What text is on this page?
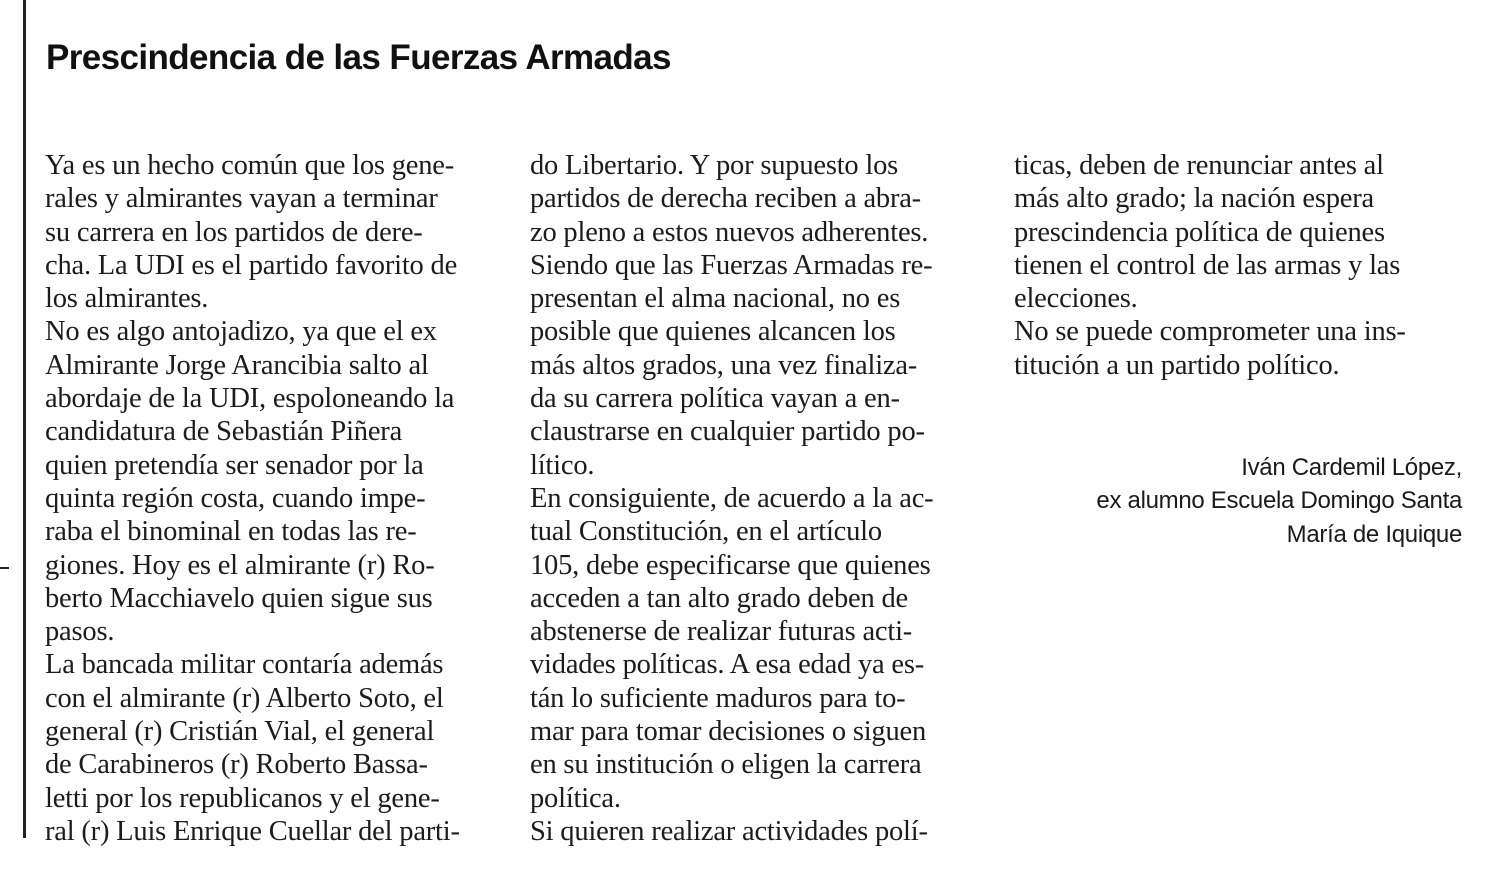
Prescindencia de las Fuerzas Armadas
Ya es un hecho común que los gene-
rales y almirantes vayan a terminar
su carrera en los partidos de dere-
cha. La UDI es el partido favorito de
los almirantes.
No es algo antojadizo, ya que el ex
Almirante Jorge Arancibia salto al
abordaje de la UDI, espoloneando la
candidatura de Sebastián Piñera
quien pretendía ser senador por la
quinta región costa, cuando impe-
raba el binominal en todas las re-
giones. Hoy es el almirante (r) Ro-
berto Macchiavelo quien sigue sus
pasos.
La bancada militar contaría además
con el almirante (r) Alberto Soto, el
general (r) Cristián Vial, el general
de Carabineros (r) Roberto Bassa-
letti por los republicanos y el gene-
ral (r) Luis Enrique Cuellar del parti-
do Libertario. Y por supuesto los
partidos de derecha reciben a abra-
zo pleno a estos nuevos adherentes.
Siendo que las Fuerzas Armadas re-
presentan el alma nacional, no es
posible que quienes alcancen los
más altos grados, una vez finaliza-
da su carrera política vayan a en-
claustrarse en cualquier partido po-
lítico.
En consiguiente, de acuerdo a la ac-
tual Constitución, en el artículo
105, debe especificarse que quienes
acceden a tan alto grado deben de
abstenerse de realizar futuras acti-
vidades políticas. A esa edad ya es-
tán lo suficiente maduros para to-
mar para tomar decisiones o siguen
en su institución o eligen la carrera
política.
Si quieren realizar actividades polí-
ticas, deben de renunciar antes al
más alto grado; la nación espera
prescindencia política de quienes
tienen el control de las armas y las
elecciones.
No se puede comprometer una ins-
titución a un partido político.
Iván Cardemil López,
ex alumno Escuela Domingo Santa
María de Iquique
